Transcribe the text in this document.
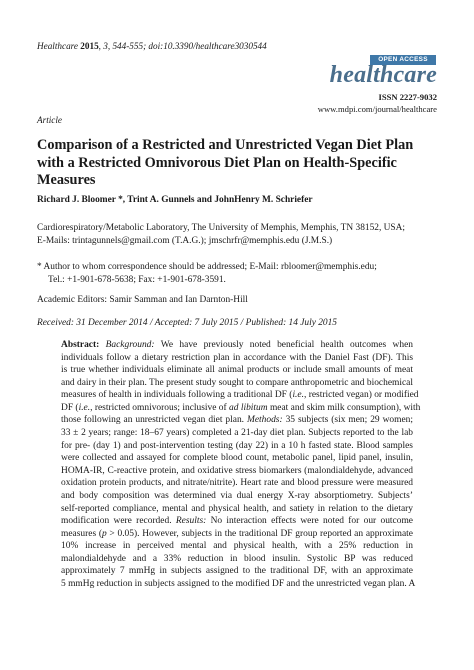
Healthcare 2015, 3, 544-555; doi:10.3390/healthcare3030544
OPEN ACCESS
healthcare
ISSN 2227-9032
www.mdpi.com/journal/healthcare
Article
Comparison of a Restricted and Unrestricted Vegan Diet Plan with a Restricted Omnivorous Diet Plan on Health-Specific Measures
Richard J. Bloomer *, Trint A. Gunnels and JohnHenry M. Schriefer
Cardiorespiratory/Metabolic Laboratory, The University of Memphis, Memphis, TN 38152, USA;
E-Mails: trintagunnels@gmail.com (T.A.G.); jmschrfr@memphis.edu (J.M.S.)
* Author to whom correspondence should be addressed; E-Mail: rbloomer@memphis.edu;
Tel.: +1-901-678-5638; Fax: +1-901-678-3591.
Academic Editors: Samir Samman and Ian Darnton-Hill
Received: 31 December 2014 / Accepted: 7 July 2015 / Published: 14 July 2015
Abstract: Background: We have previously noted beneficial health outcomes when
individuals follow a dietary restriction plan in accordance with the Daniel Fast (DF). This
is true whether individuals eliminate all animal products or include small amounts of meat
and dairy in their plan. The present study sought to compare anthropometric and biochemical
measures of health in individuals following a traditional DF (i.e., restricted vegan) or modified
DF (i.e., restricted omnivorous; inclusive of ad libitum meat and skim milk consumption), with
those following an unrestricted vegan diet plan. Methods: 35 subjects (six men; 29 women;
33 ± 2 years; range: 18–67 years) completed a 21-day diet plan. Subjects reported to the lab
for pre- (day 1) and post-intervention testing (day 22) in a 10 h fasted state. Blood samples
were collected and assayed for complete blood count, metabolic panel, lipid panel, insulin,
HOMA-IR, C-reactive protein, and oxidative stress biomarkers (malondialdehyde, advanced
oxidation protein products, and nitrate/nitrite). Heart rate and blood pressure were measured
and body composition was determined via dual energy X-ray absorptiometry. Subjects’
self-reported compliance, mental and physical health, and satiety in relation to the dietary
modification were recorded. Results: No interaction effects were noted for our outcome
measures (p > 0.05). However, subjects in the traditional DF group reported an approximate
10% increase in perceived mental and physical health, with a 25% reduction in
malondialdehyde and a 33% reduction in blood insulin. Systolic BP was reduced
approximately 7 mmHg in subjects assigned to the traditional DF, with an approximate
5 mmHg reduction in subjects assigned to the modified DF and the unrestricted vegan plan. A
